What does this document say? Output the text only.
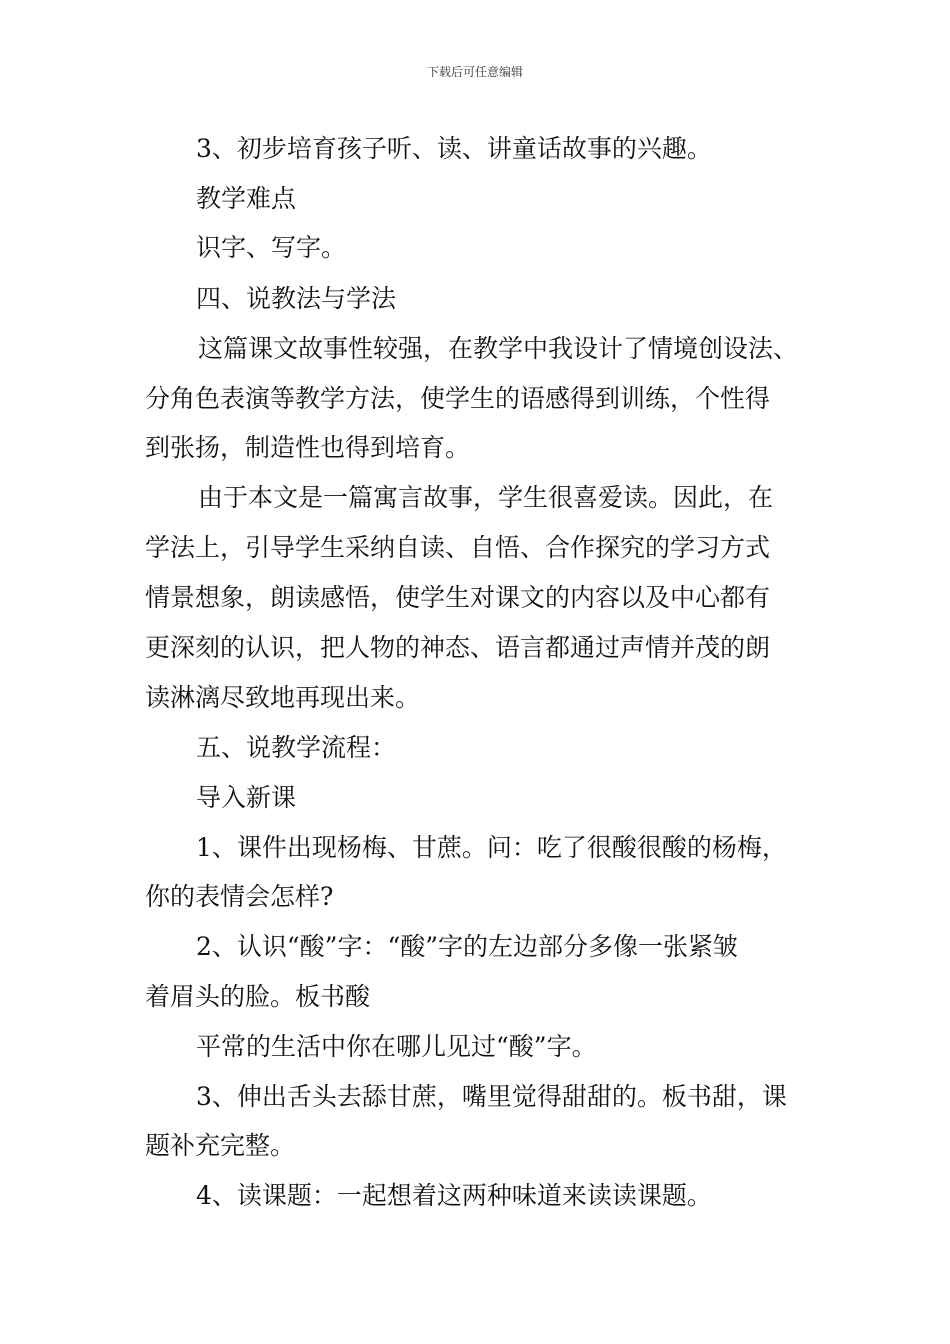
下载后可任意编辑
3、初步培育孩子听、读、讲童话故事的兴趣。
教学难点
识字、写字。
四、说教法与学法
这篇课文故事性较强，在教学中我设计了情境创设法、
分角色表演等教学方法，使学生的语感得到训练，个性得
到张扬，制造性也得到培育。
由于本文是一篇寓言故事，学生很喜爱读。因此，在
学法上，引导学生采纳自读、自悟、合作探究的学习方式
情景想象，朗读感悟，使学生对课文的内容以及中心都有
更深刻的认识，把人物的神态、语言都通过声情并茂的朗
读淋漓尽致地再现出来。
五、说教学流程：
导入新课
1、课件出现杨梅、甘蔗。问：吃了很酸很酸的杨梅，
你的表情会怎样?
2、认识“酸”字：“酸”字的左边部分多像一张紧皱
着眉头的脸。板书酸
平常的生活中你在哪儿见过“酸”字。
3、伸出舌头去舔甘蔗，嘴里觉得甜甜的。板书甜，课
题补充完整。
4、读课题：一起想着这两种味道来读读课题。
